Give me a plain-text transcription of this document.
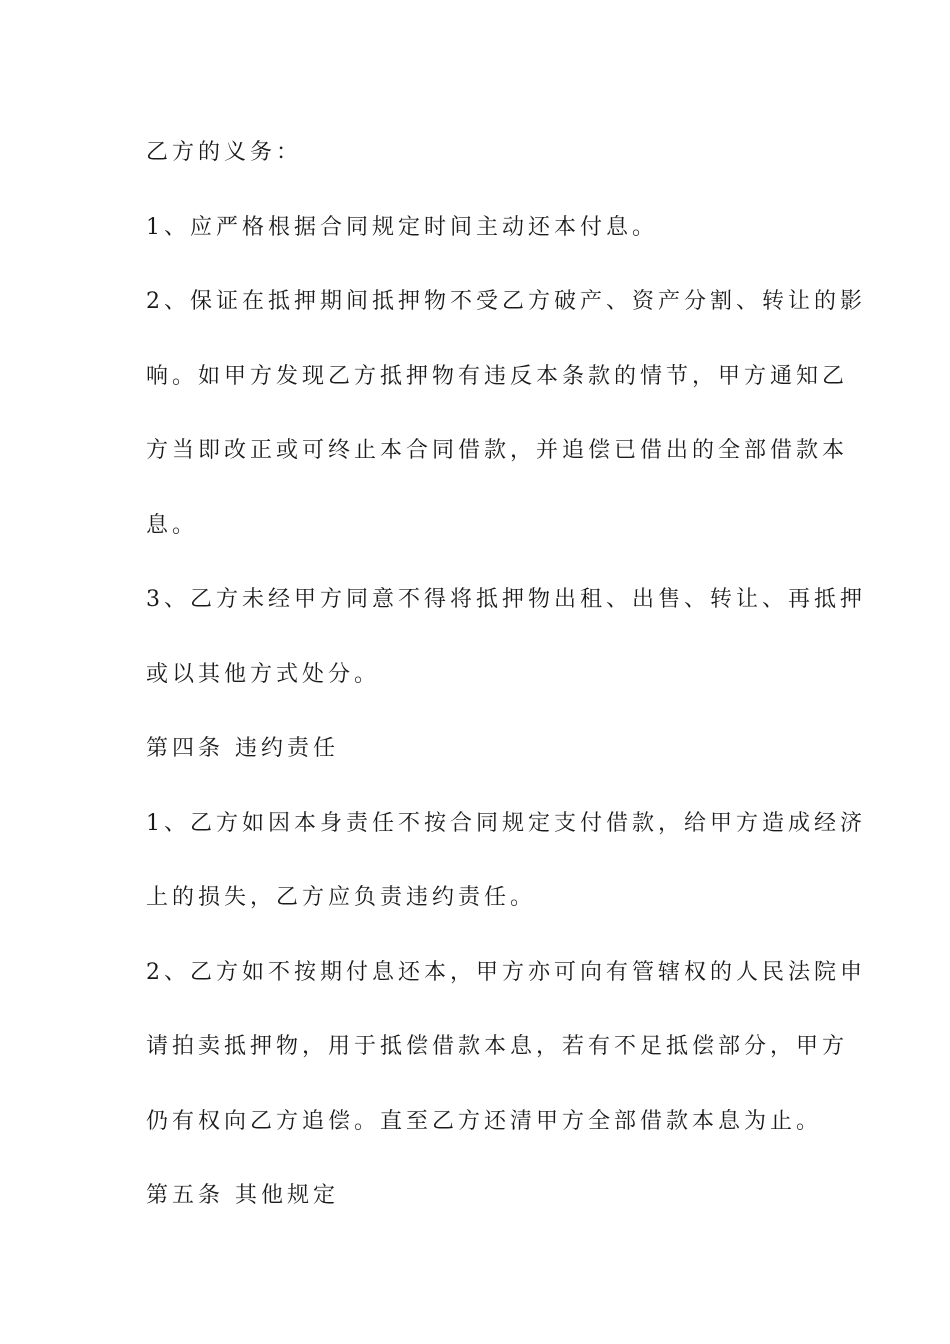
乙方的义务：
1、应严格根据合同规定时间主动还本付息。
2、保证在抵押期间抵押物不受乙方破产、资产分割、转让的影
响。如甲方发现乙方抵押物有违反本条款的情节，甲方通知乙
方当即改正或可终止本合同借款，并追偿已借出的全部借款本
息。
3、乙方未经甲方同意不得将抵押物出租、出售、转让、再抵押
或以其他方式处分。
第四条 违约责任
1、乙方如因本身责任不按合同规定支付借款，给甲方造成经济
上的损失，乙方应负责违约责任。
2、乙方如不按期付息还本，甲方亦可向有管辖权的人民法院申
请拍卖抵押物，用于抵偿借款本息，若有不足抵偿部分，甲方
仍有权向乙方追偿。直至乙方还清甲方全部借款本息为止。
第五条 其他规定
